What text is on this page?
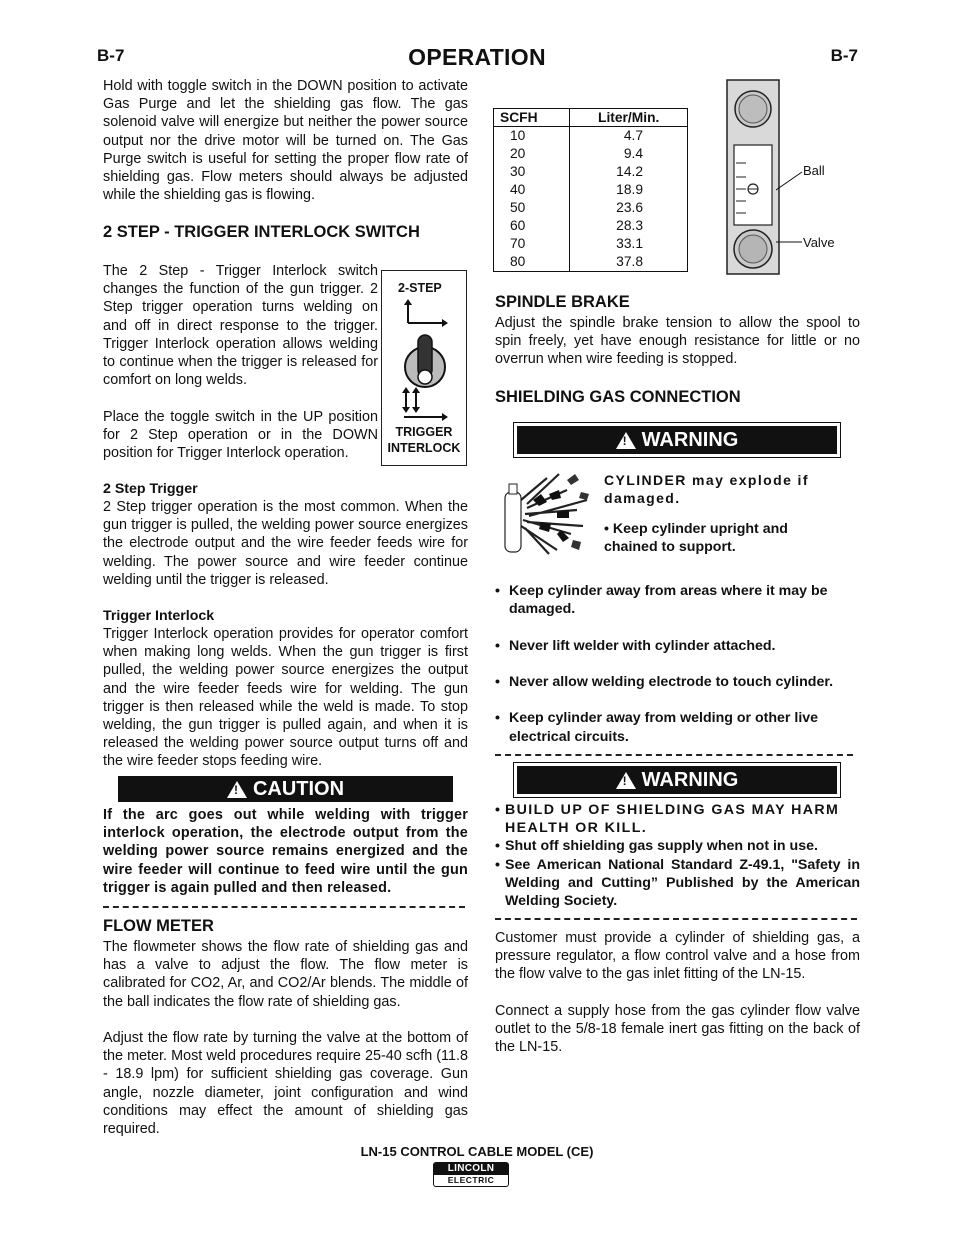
B-7	OPERATION	B-7
Hold with toggle switch in the DOWN position to activate Gas Purge and let the shielding gas flow. The gas solenoid valve will energize but neither the power source output nor the drive motor will be turned on. The Gas Purge switch is useful for setting the proper flow rate of shielding gas. Flow meters should always be adjusted while the shielding gas is flowing.
2 STEP - TRIGGER INTERLOCK SWITCH

The 2 Step - Trigger Interlock switch changes the function of the gun trigger. 2 Step trigger operation turns welding on and off in direct response to the trigger. Trigger Interlock operation allows welding to continue when the trigger is released for comfort on long welds.

Place the toggle switch in the UP position for 2 Step operation or in the DOWN position for Trigger Interlock operation.

2-STEP
TRIGGER
INTERLOCK
2 Step Trigger
2 Step trigger operation is the most common. When the gun trigger is pulled, the welding power source energizes the electrode output and the wire feeder feeds wire for welding. The power source and wire feeder continue welding until the trigger is released.
Trigger Interlock
Trigger Interlock operation provides for operator comfort when making long welds. When the gun trigger is first pulled, the welding power source energizes the output and the wire feeder feeds wire for welding. The gun trigger is then released while the weld is made. To stop welding, the gun trigger is pulled again, and when it is released the welding power source output turns off and the wire feeder stops feeding wire.
! CAUTION
If the arc goes out while welding with trigger interlock operation, the electrode output from the welding power source remains energized and the wire feeder will continue to feed wire until the gun trigger is again pulled and then released.
FLOW METER

The flowmeter shows the flow rate of shielding gas and has a valve to adjust the flow. The flow meter is calibrated for CO2, Ar, and CO2/Ar blends. The middle of the ball indicates the flow rate of shielding gas.

Adjust the flow rate by turning the valve at the bottom of the meter. Most weld procedures require 25-40 scfh (11.8 - 18.9 lpm) for sufficient shielding gas coverage. Gun angle, nozzle diameter, joint configuration and wind conditions may effect the amount of shielding gas required.

SCFH	Liter/Min.
10	4.7
20	9.4
30	14.2
40	18.9
50	23.6
60	28.3
70	33.1
80	37.8
Ball
Valve
SPINDLE BRAKE
Adjust the spindle brake tension to allow the spool to spin freely, yet have enough resistance for little or no overrun when wire feeding is stopped.
SHIELDING GAS CONNECTION
! WARNING
CYLINDER may explode if damaged.
• Keep cylinder upright and chained to support.
• Keep cylinder away from areas where it may be damaged.
• Never lift welder with cylinder attached.
• Never allow welding electrode to touch cylinder.
• Keep cylinder away from welding or other live electrical circuits.
! WARNING
• BUILD UP OF SHIELDING GAS MAY HARM HEALTH OR KILL.
• Shut off shielding gas supply when not in use.
• See American National Standard Z-49.1, "Safety in Welding and Cutting” Published by the American Welding Society.

Customer must provide a cylinder of shielding gas, a pressure regulator, a flow control valve and a hose from the flow valve to the gas inlet fitting of the LN-15.

Connect a supply hose from the gas cylinder flow valve outlet to the 5/8-18 female inert gas fitting on the back of the LN-15.

LN-15 CONTROL CABLE MODEL (CE)
LINCOLN
ELECTRIC
